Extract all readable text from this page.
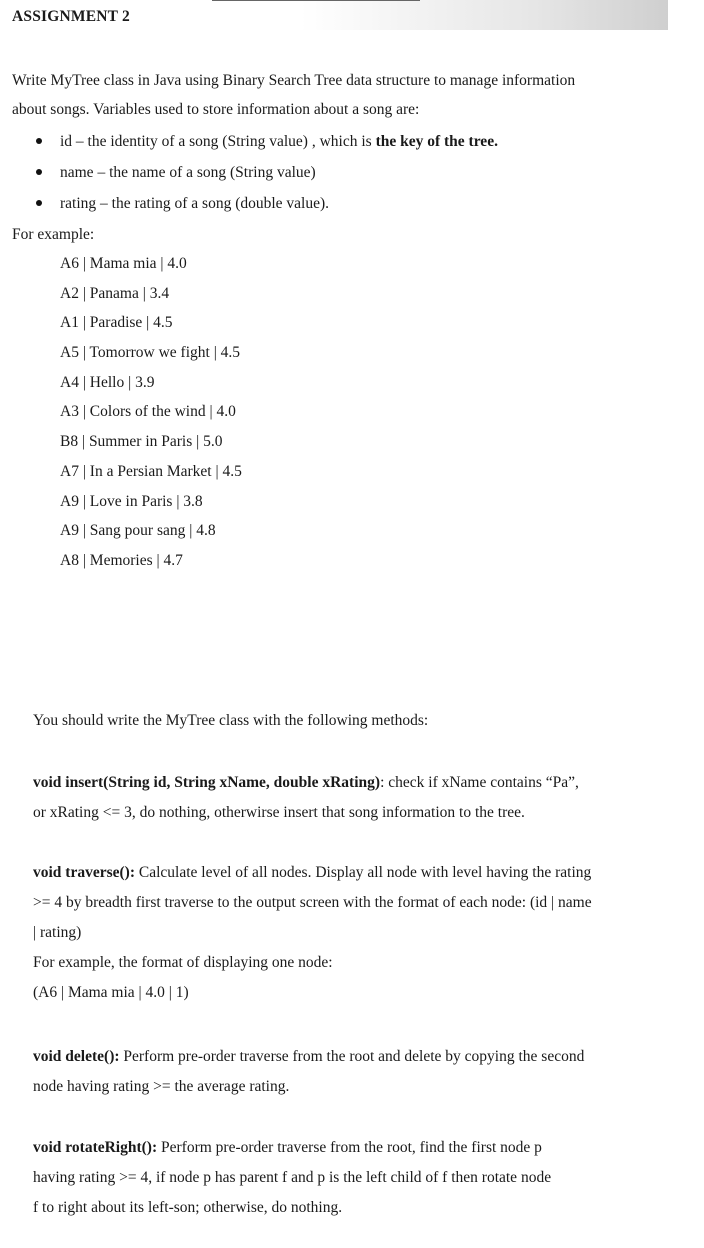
ASSIGNMENT 2
Write MyTree class in Java using Binary Search Tree data structure to manage information
about songs. Variables used to store information about a song are:
id – the identity of a song (String value) , which is the key of the tree.
name – the name of a song (String value)
rating – the rating of a song (double value).
For example:
A6 | Mama mia | 4.0
A2 | Panama | 3.4
A1 | Paradise | 4.5
A5 | Tomorrow we fight | 4.5
A4 | Hello | 3.9
A3 | Colors of the wind | 4.0
B8 | Summer in Paris | 5.0
A7 | In a Persian Market | 4.5
A9 | Love in Paris | 3.8
A9 | Sang pour sang | 4.8
A8 | Memories | 4.7
You should write the MyTree class with the following methods:
void insert(String id, String xName, double xRating): check if xName contains “Pa”,
or xRating <= 3, do nothing, otherwirse insert that song information to the tree.
void traverse(): Calculate level of all nodes. Display all node with level having the rating
>= 4 by breadth first traverse to the output screen with the format of each node: (id | name
| rating)
For example, the format of displaying one node:
(A6 | Mama mia | 4.0 | 1)
void delete(): Perform pre-order traverse from the root and delete by copying the second
node having rating >= the average rating.
void rotateRight(): Perform pre-order traverse from the root, find the first node p
having rating >= 4, if node p has parent f and p is the left child of f then rotate node
f to right about its left-son; otherwise, do nothing.
